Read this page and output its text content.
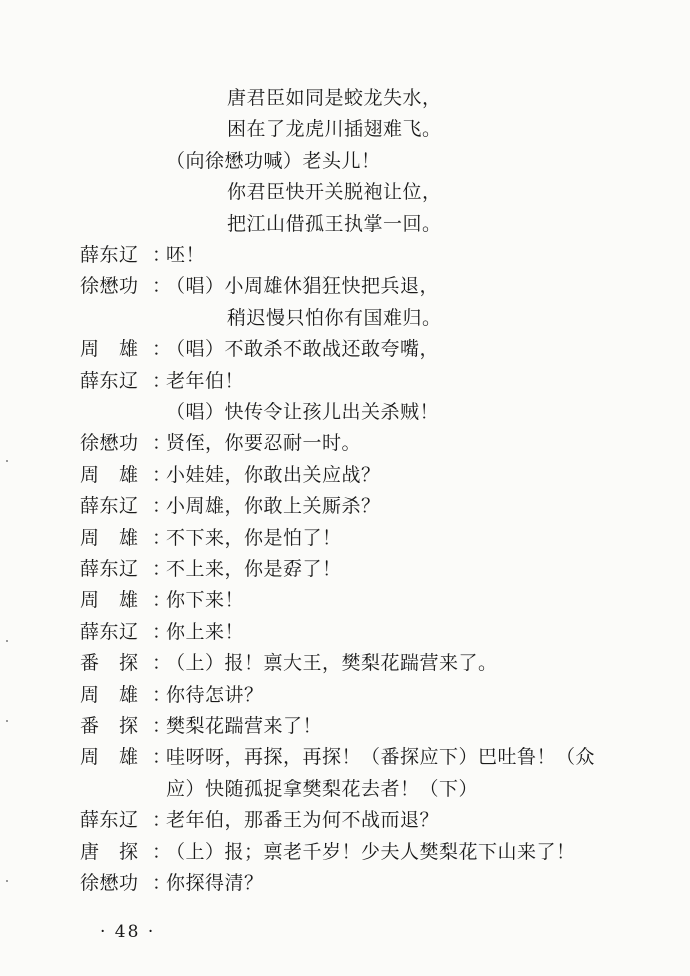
唐君臣如同是蛟龙失水，
困在了龙虎川插翅难飞。
（向徐懋功喊）老头儿！
你君臣快开关脱袍让位，
把江山借孤王执掌一回。
薛东辽 ：
呸！
徐懋功 ：
（唱）小周雄休猖狂快把兵退，
稍迟慢只怕你有国难归。
周　雄 ：
（唱）不敢杀不敢战还敢夸嘴，
薛东辽 ：
老年伯！
（唱）快传令让孩儿出关杀贼！
徐懋功 ：
贤侄，你要忍耐一时。
周　雄 ：
小娃娃，你敢出关应战？
薛东辽 ：
小周雄，你敢上关厮杀？
周　雄 ：
不下来，你是怕了！
薛东辽 ：
不上来，你是孬了！
周　雄 ：
你下来！
薛东辽 ：
你上来！
番　探 ：
（上）报！禀大王，樊梨花踹营来了。
周　雄 ：
你待怎讲？
番　探 ：
樊梨花踹营来了！
周　雄 ：
哇呀呀，再探，再探！（番探应下）巴吐鲁！（众
应）快随孤捉拿樊梨花去者！（下）
薛东辽 ：
老年伯，那番王为何不战而退？
唐　探 ：
（上）报；禀老千岁！少夫人樊梨花下山来了！
徐懋功 ：
你探得清？
· 48 ·
